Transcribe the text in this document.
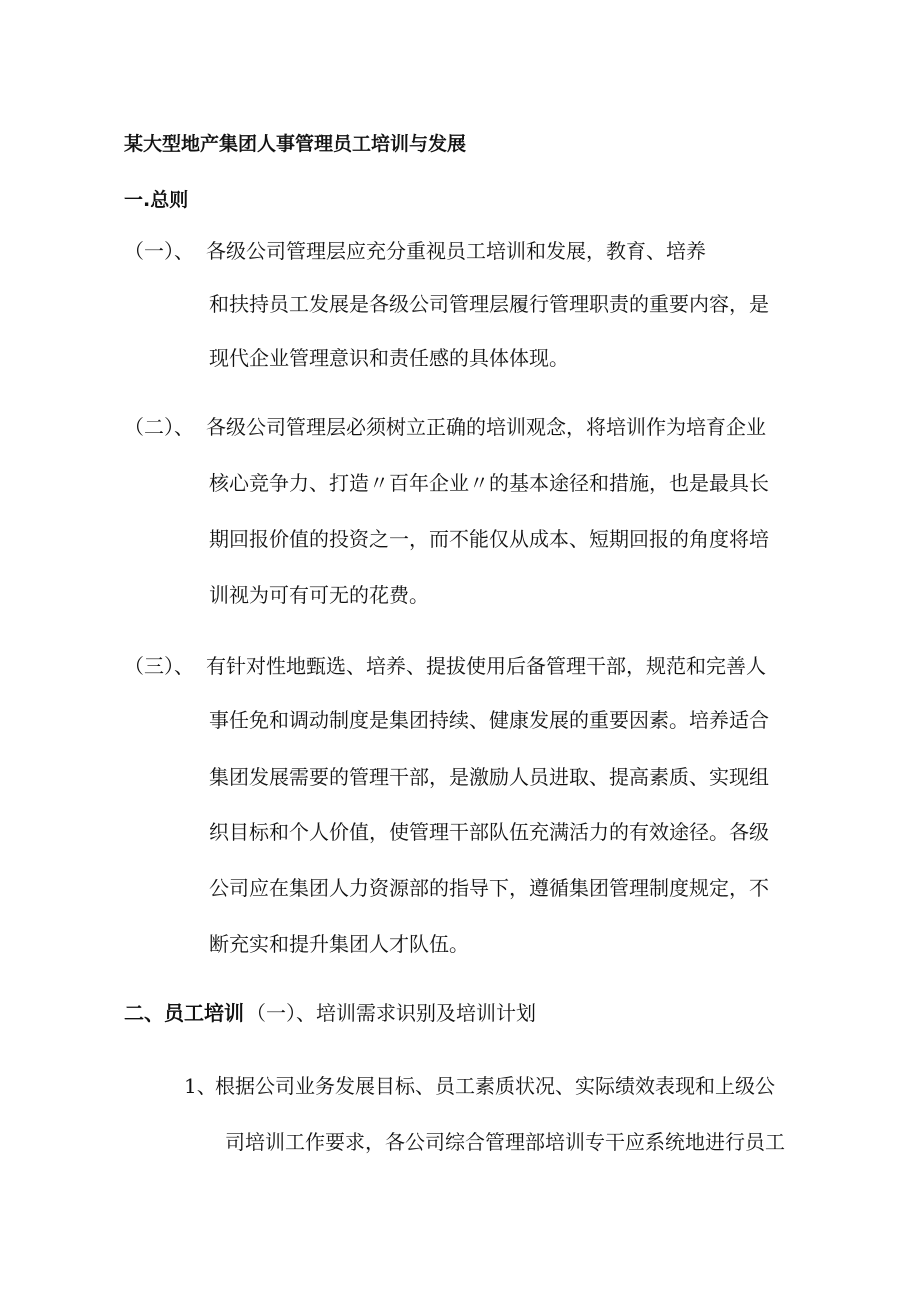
某大型地产集团人事管理员工培训与发展
一.总则
（一）、 各级公司管理层应充分重视员工培训和发展，教育、培养
和扶持员工发展是各级公司管理层履行管理职责的重要内容，是
现代企业管理意识和责任感的具体体现。
（二）、 各级公司管理层必须树立正确的培训观念，将培训作为培育企业
核心竞争力、打造〃百年企业〃的基本途径和措施，也是最具长
期回报价值的投资之一，而不能仅从成本、短期回报的角度将培
训视为可有可无的花费。
（三）、 有针对性地甄选、培养、提拔使用后备管理干部，规范和完善人
事任免和调动制度是集团持续、健康发展的重要因素。培养适合
集团发展需要的管理干部，是激励人员进取、提高素质、实现组
织目标和个人价值，使管理干部队伍充满活力的有效途径。各级
公司应在集团人力资源部的指导下，遵循集团管理制度规定，不
断充实和提升集团人才队伍。
二、员工培训 （一）、培训需求识别及培训计划
1、
根据公司业务发展目标、员工素质状况、实际绩效表现和上级公
司培训工作要求，各公司综合管理部培训专干应系统地进行员工
